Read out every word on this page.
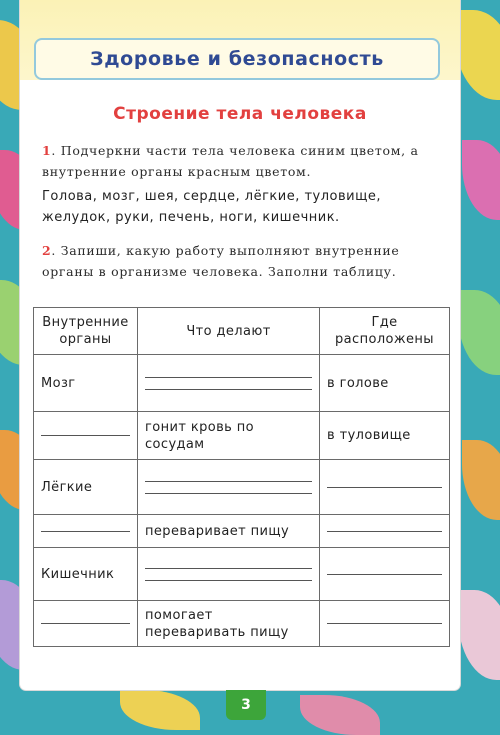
Здоровье и безопасность
Строение тела человека
1. Подчеркни части тела человека синим цветом, а внутренние органы красным цветом.
Голова, мозг, шея, сердце, лёгкие, туловище, желудок, руки, печень, ноги, кишечник.
2. Запиши, какую работу выполняют внутренние органы в организме человека. Заполни таблицу.
Внутренние органы	Что делают	Где расположены

Мозг		в голове

	гонит кровь по сосудам	в туловище

Лёгкие		

	переваривает пищу	

Кишечник		

	помогает переваривать пищу	

3
